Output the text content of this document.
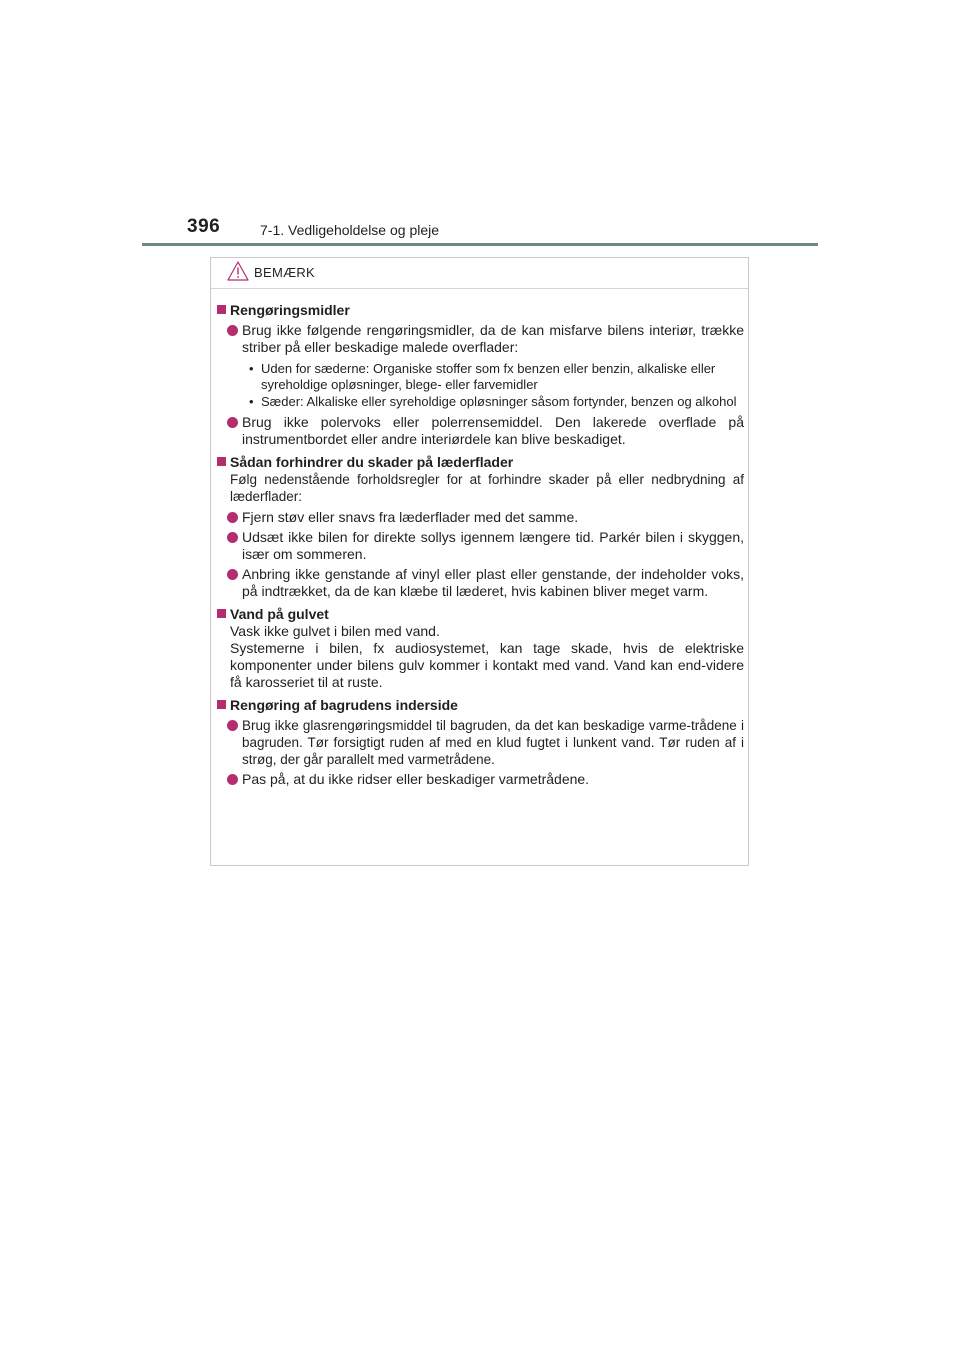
396	7-1. Vedligeholdelse og pleje
BEMÆRK
Rengøringsmidler
Brug ikke følgende rengøringsmidler, da de kan misfarve bilens interiør, trække striber på eller beskadige malede overflader:
• Uden for sæderne: Organiske stoffer som fx benzen eller benzin, alkaliske eller syreholdige opløsninger, blege- eller farvemidler
• Sæder: Alkaliske eller syreholdige opløsninger såsom fortynder, benzen og alkohol
Brug ikke polervoks eller polerrensemiddel. Den lakerede overflade på instrumentbordet eller andre interiørdele kan blive beskadiget.
Sådan forhindrer du skader på læderflader
Følg nedenstående forholdsregler for at forhindre skader på eller nedbrydning af læderflader:
Fjern støv eller snavs fra læderflader med det samme.
Udsæt ikke bilen for direkte sollys igennem længere tid. Parkér bilen i skyggen, især om sommeren.
Anbring ikke genstande af vinyl eller plast eller genstande, der indeholder voks, på indtrækket, da de kan klæbe til læderet, hvis kabinen bliver meget varm.
Vand på gulvet
Vask ikke gulvet i bilen med vand.
Systemerne i bilen, fx audiosystemet, kan tage skade, hvis de elektriske komponenter under bilens gulv kommer i kontakt med vand. Vand kan end-videre få karosseriet til at ruste.
Rengøring af bagrudens inderside
Brug ikke glasrengøringsmiddel til bagruden, da det kan beskadige varme-trådene i bagruden. Tør forsigtigt ruden af med en klud fugtet i lunkent vand. Tør ruden af i strøg, der går parallelt med varmetrådene.
Pas på, at du ikke ridser eller beskadiger varmetrådene.
